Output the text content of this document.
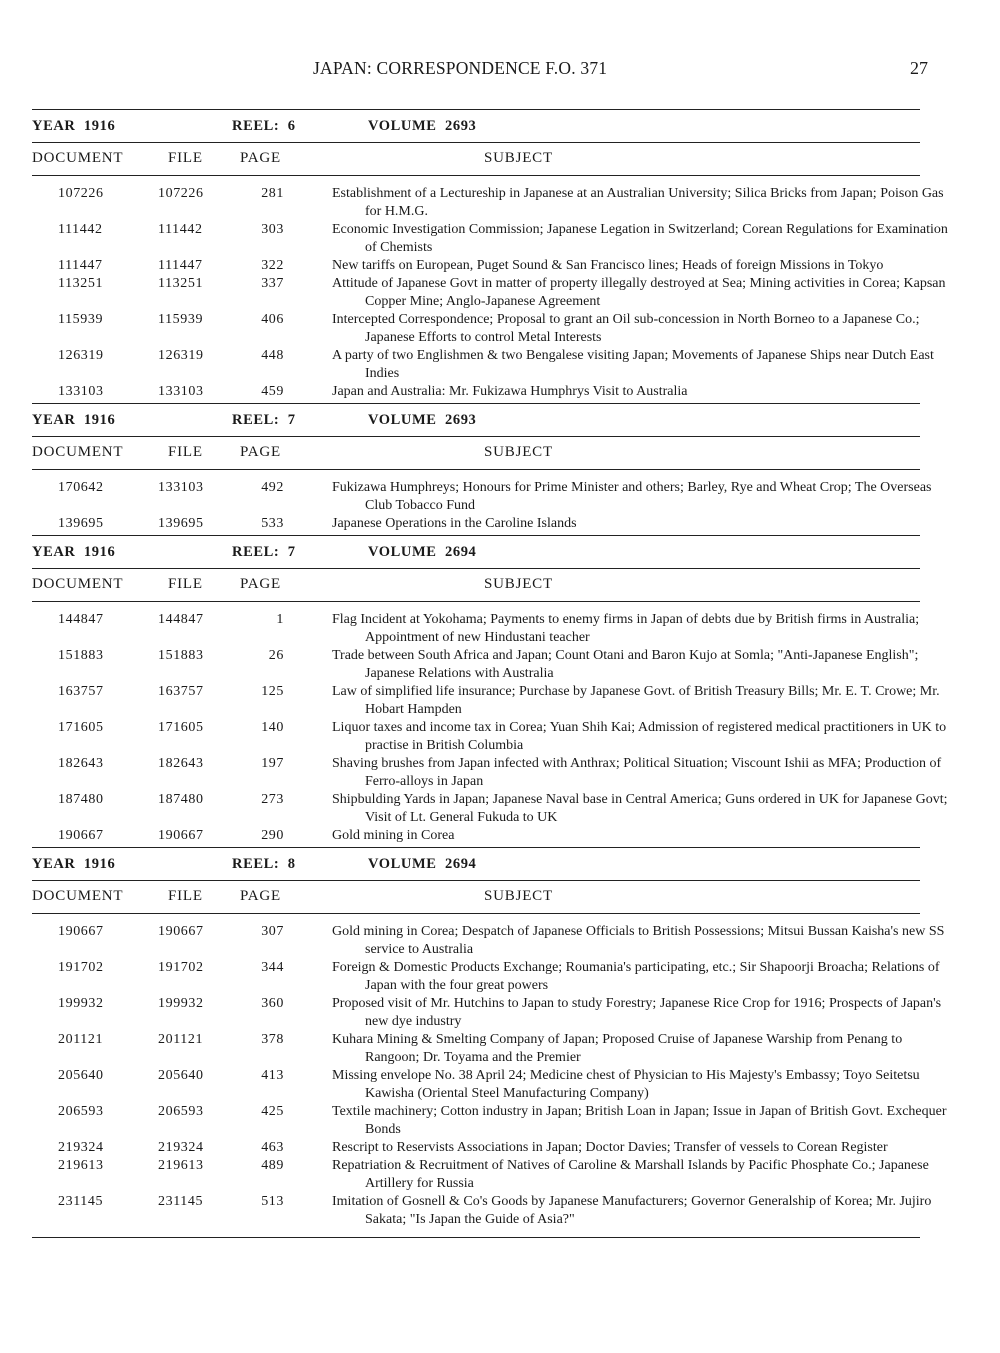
JAPAN: CORRESPONDENCE F.O. 371	27
YEAR  1916	REEL:  6	VOLUME  2693
DOCUMENT	FILE PAGE	SUBJECT
107226	107226	281	Establishment of a Lectureship in Japanese at an Australian University; Silica Bricks from Japan; Poison Gas for H.M.G.
111442	111442	303	Economic Investigation Commission; Japanese Legation in Switzerland; Corean Regulations for Examination of Chemists
111447	111447	322	New tariffs on European, Puget Sound & San Francisco lines; Heads of foreign Missions in Tokyo
113251	113251	337	Attitude of Japanese Govt in matter of property illegally destroyed at Sea; Mining activities in Corea; Kapsan Copper Mine; Anglo-Japanese Agreement
115939	115939	406	Intercepted Correspondence; Proposal to grant an Oil sub-concession in North Borneo to a Japanese Co.; Japanese Efforts to control Metal Interests
126319	126319	448	A party of two Englishmen & two Bengalese visiting Japan; Movements of Japanese Ships near Dutch East Indies
133103	133103	459	Japan and Australia: Mr. Fukizawa Humphrys Visit to Australia
YEAR  1916	REEL:  7	VOLUME  2693
DOCUMENT	FILE PAGE	SUBJECT
170642	133103	492	Fukizawa Humphreys; Honours for Prime Minister and others; Barley, Rye and Wheat Crop; The Overseas Club Tobacco Fund
139695	139695	533	Japanese Operations in the Caroline Islands
YEAR  1916	REEL:  7	VOLUME  2694
DOCUMENT	FILE PAGE	SUBJECT
144847	144847	1	Flag Incident at Yokohama; Payments to enemy firms in Japan of debts due by British firms in Australia; Appointment of new Hindustani teacher
151883	151883	26	Trade between South Africa and Japan; Count Otani and Baron Kujo at Somla; "Anti-Japanese English"; Japanese Relations with Australia
163757	163757	125	Law of simplified life insurance; Purchase by Japanese Govt. of British Treasury Bills; Mr. E. T. Crowe; Mr. Hobart Hampden
171605	171605	140	Liquor taxes and income tax in Corea; Yuan Shih Kai; Admission of registered medical practitioners in UK to practise in British Columbia
182643	182643	197	Shaving brushes from Japan infected with Anthrax; Political Situation; Viscount Ishii as MFA; Production of Ferro-alloys in Japan
187480	187480	273	Shipbulding Yards in Japan; Japanese Naval base in Central America; Guns ordered in UK for Japanese Govt; Visit of Lt. General Fukuda to UK
190667	190667	290	Gold mining in Corea
YEAR  1916	REEL:  8	VOLUME  2694
DOCUMENT	FILE PAGE	SUBJECT
190667	190667	307	Gold mining in Corea; Despatch of Japanese Officials to British Possessions; Mitsui Bussan Kaisha's new SS service to Australia
191702	191702	344	Foreign & Domestic Products Exchange; Roumania's participating, etc.; Sir Shapoorji Broacha; Relations of Japan with the four great powers
199932	199932	360	Proposed visit of Mr. Hutchins to Japan to study Forestry; Japanese Rice Crop for 1916; Prospects of Japan's new dye industry
201121	201121	378	Kuhara Mining & Smelting Company of Japan; Proposed Cruise of Japanese Warship from Penang to Rangoon; Dr. Toyama and the Premier
205640	205640	413	Missing envelope No. 38 April 24; Medicine chest of Physician to His Majesty's Embassy; Toyo Seitetsu Kawisha (Oriental Steel Manufacturing Company)
206593	206593	425	Textile machinery; Cotton industry in Japan; British Loan in Japan; Issue in Japan of British Govt. Exchequer Bonds
219324	219324	463	Rescript to Reservists Associations in Japan; Doctor Davies; Transfer of vessels to Corean Register
219613	219613	489	Repatriation & Recruitment of Natives of Caroline & Marshall Islands by Pacific Phosphate Co.; Japanese Artillery for Russia
231145	231145	513	Imitation of Gosnell & Co's Goods by Japanese Manufacturers; Governor Generalship of Korea; Mr. Jujiro Sakata; "Is Japan the Guide of Asia?"
